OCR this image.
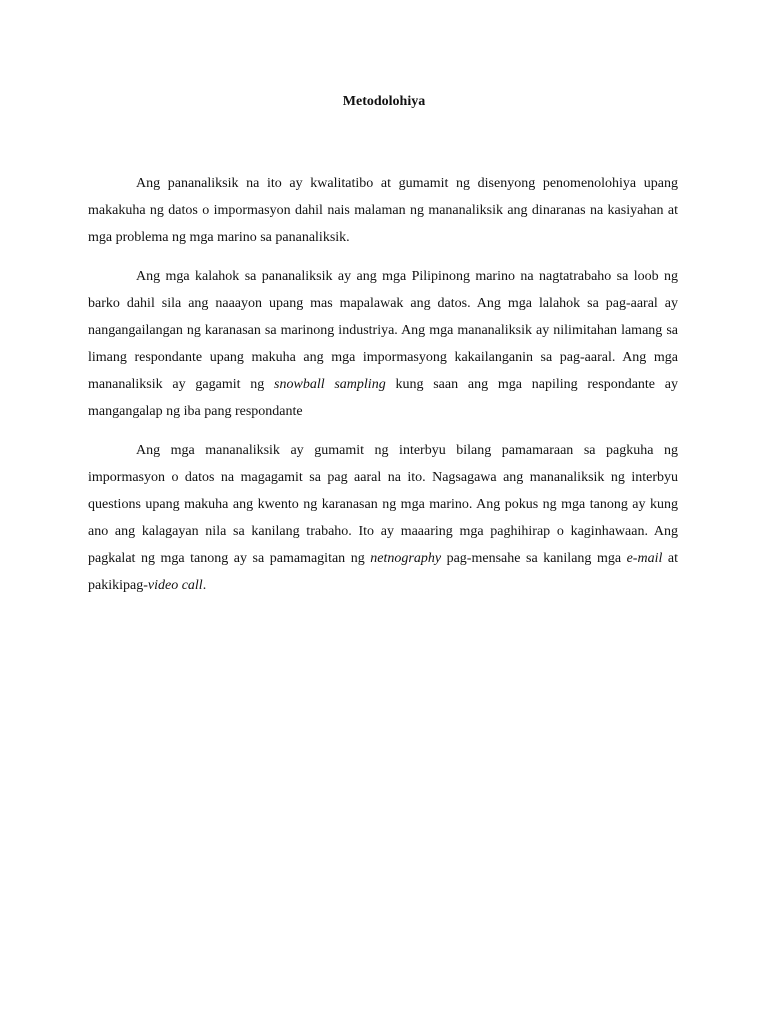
Metodolohiya

Ang pananaliksik na ito ay kwalitatibo at gumamit ng disenyong penomenolohiya upang makakuha ng datos o impormasyon dahil nais malaman ng mananaliksik ang dinaranas na kasiyahan at mga problema ng mga marino sa pananaliksik.

Ang mga kalahok sa pananaliksik ay ang mga Pilipinong marino na nagtatrabaho sa loob ng barko dahil sila ang naaayon upang mas mapalawak ang datos. Ang mga lalahok sa pag-aaral ay nangangailangan ng karanasan sa marinong industriya. Ang mga mananaliksik ay nilimitahan lamang sa limang respondante upang makuha ang mga impormasyong kakailanganin sa pag-aaral. Ang mga mananaliksik ay gagamit ng snowball sampling kung saan ang mga napiling respondante ay mangangalap ng iba pang respondante

Ang mga mananaliksik ay gumamit ng interbyu bilang pamamaraan sa pagkuha ng impormasyon o datos na magagamit sa pag aaral na ito. Nagsagawa ang mananaliksik ng interbyu questions upang makuha ang kwento ng karanasan ng mga marino. Ang pokus ng mga tanong ay kung ano ang kalagayan nila sa kanilang trabaho. Ito ay maaaring mga paghihirap o kaginhawaan. Ang pagkalat ng mga tanong ay sa pamamagitan ng netnography pag-mensahe sa kanilang mga e-mail at pakikipag-video call.
